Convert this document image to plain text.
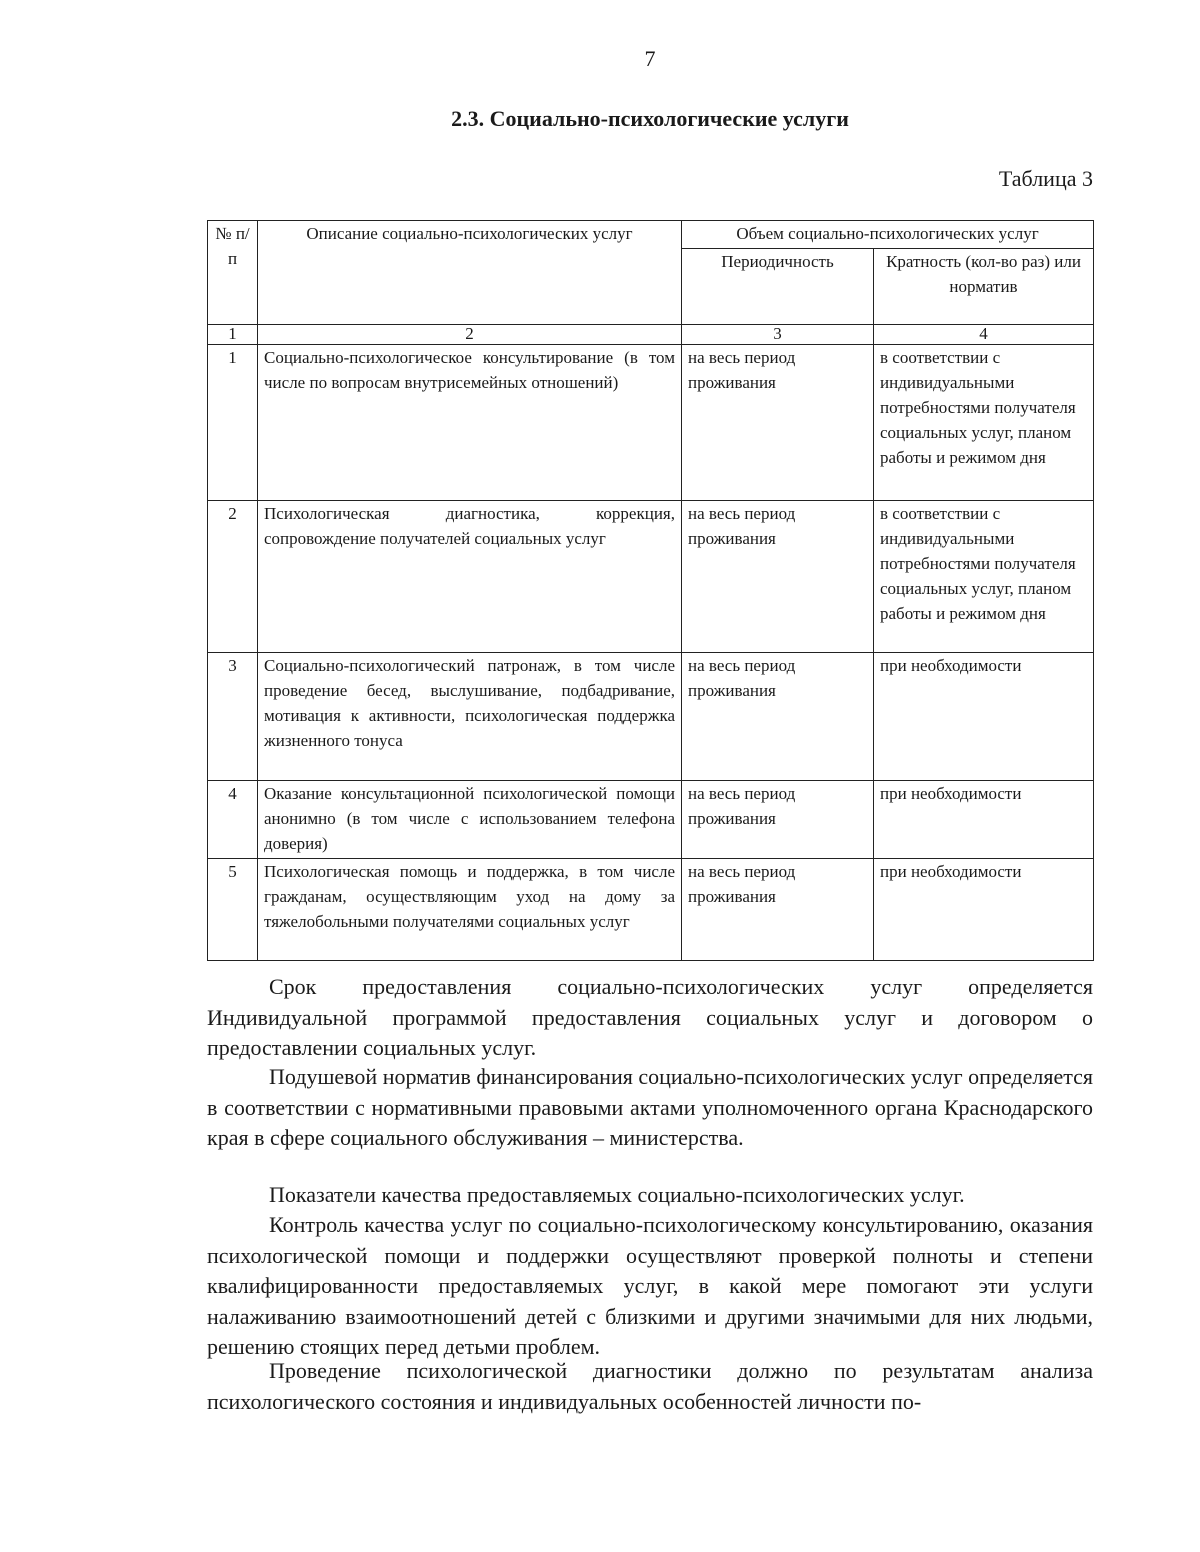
7
2.3. Социально-психологические услуги
Таблица 3
№ п/п	Описание социально-психологических услуг	Объем социально-психологических услуг	
		Периодичность	Кратность (кол-во раз) или норматив
1	2	3	4
1	Социально-психологическое консультирование (в том числе по вопросам внутрисемейных отношений)	на весь период проживания	в соответствии с индивидуальными потребностями получателя социальных услуг, планом работы и режимом дня
2	Психологическая диагностика, коррекция, сопровождение получателей социальных услуг	на весь период проживания	в соответствии с индивидуальными потребностями получателя социальных услуг, планом работы и режимом дня
3	Социально-психологический патронаж, в том числе проведение бесед, выслушивание, подбадривание, мотивация к активности, психологическая поддержка жизненного тонуса	на весь период проживания	при необходимости
4	Оказание консультационной психологической помощи анонимно (в том числе с использованием телефона доверия)	на весь период проживания	при необходимости
5	Психологическая помощь и поддержка, в том числе гражданам, осуществляющим уход на дому за тяжелобольными получателями социальных услуг	на весь период проживания	при необходимости

Срок предоставления социально-психологических услуг определяется Индивидуальной программой предоставления социальных услуг и договором о предоставлении социальных услуг.

Подушевой норматив финансирования социально-психологических услуг определяется в соответствии с нормативными правовыми актами уполномоченного органа Краснодарского края в сфере социального обслуживания – министерства.

Показатели качества предоставляемых социально-психологических услуг.

Контроль качества услуг по социально-психологическому консультированию, оказания психологической помощи и поддержки осуществляют проверкой полноты и степени квалифицированности предоставляемых услуг, в какой мере помогают эти услуги налаживанию взаимоотношений детей с близкими и другими значимыми для них людьми, решению стоящих перед детьми проблем.

Проведение психологической диагностики должно по результатам анализа психологического состояния и индивидуальных особенностей личности по-
